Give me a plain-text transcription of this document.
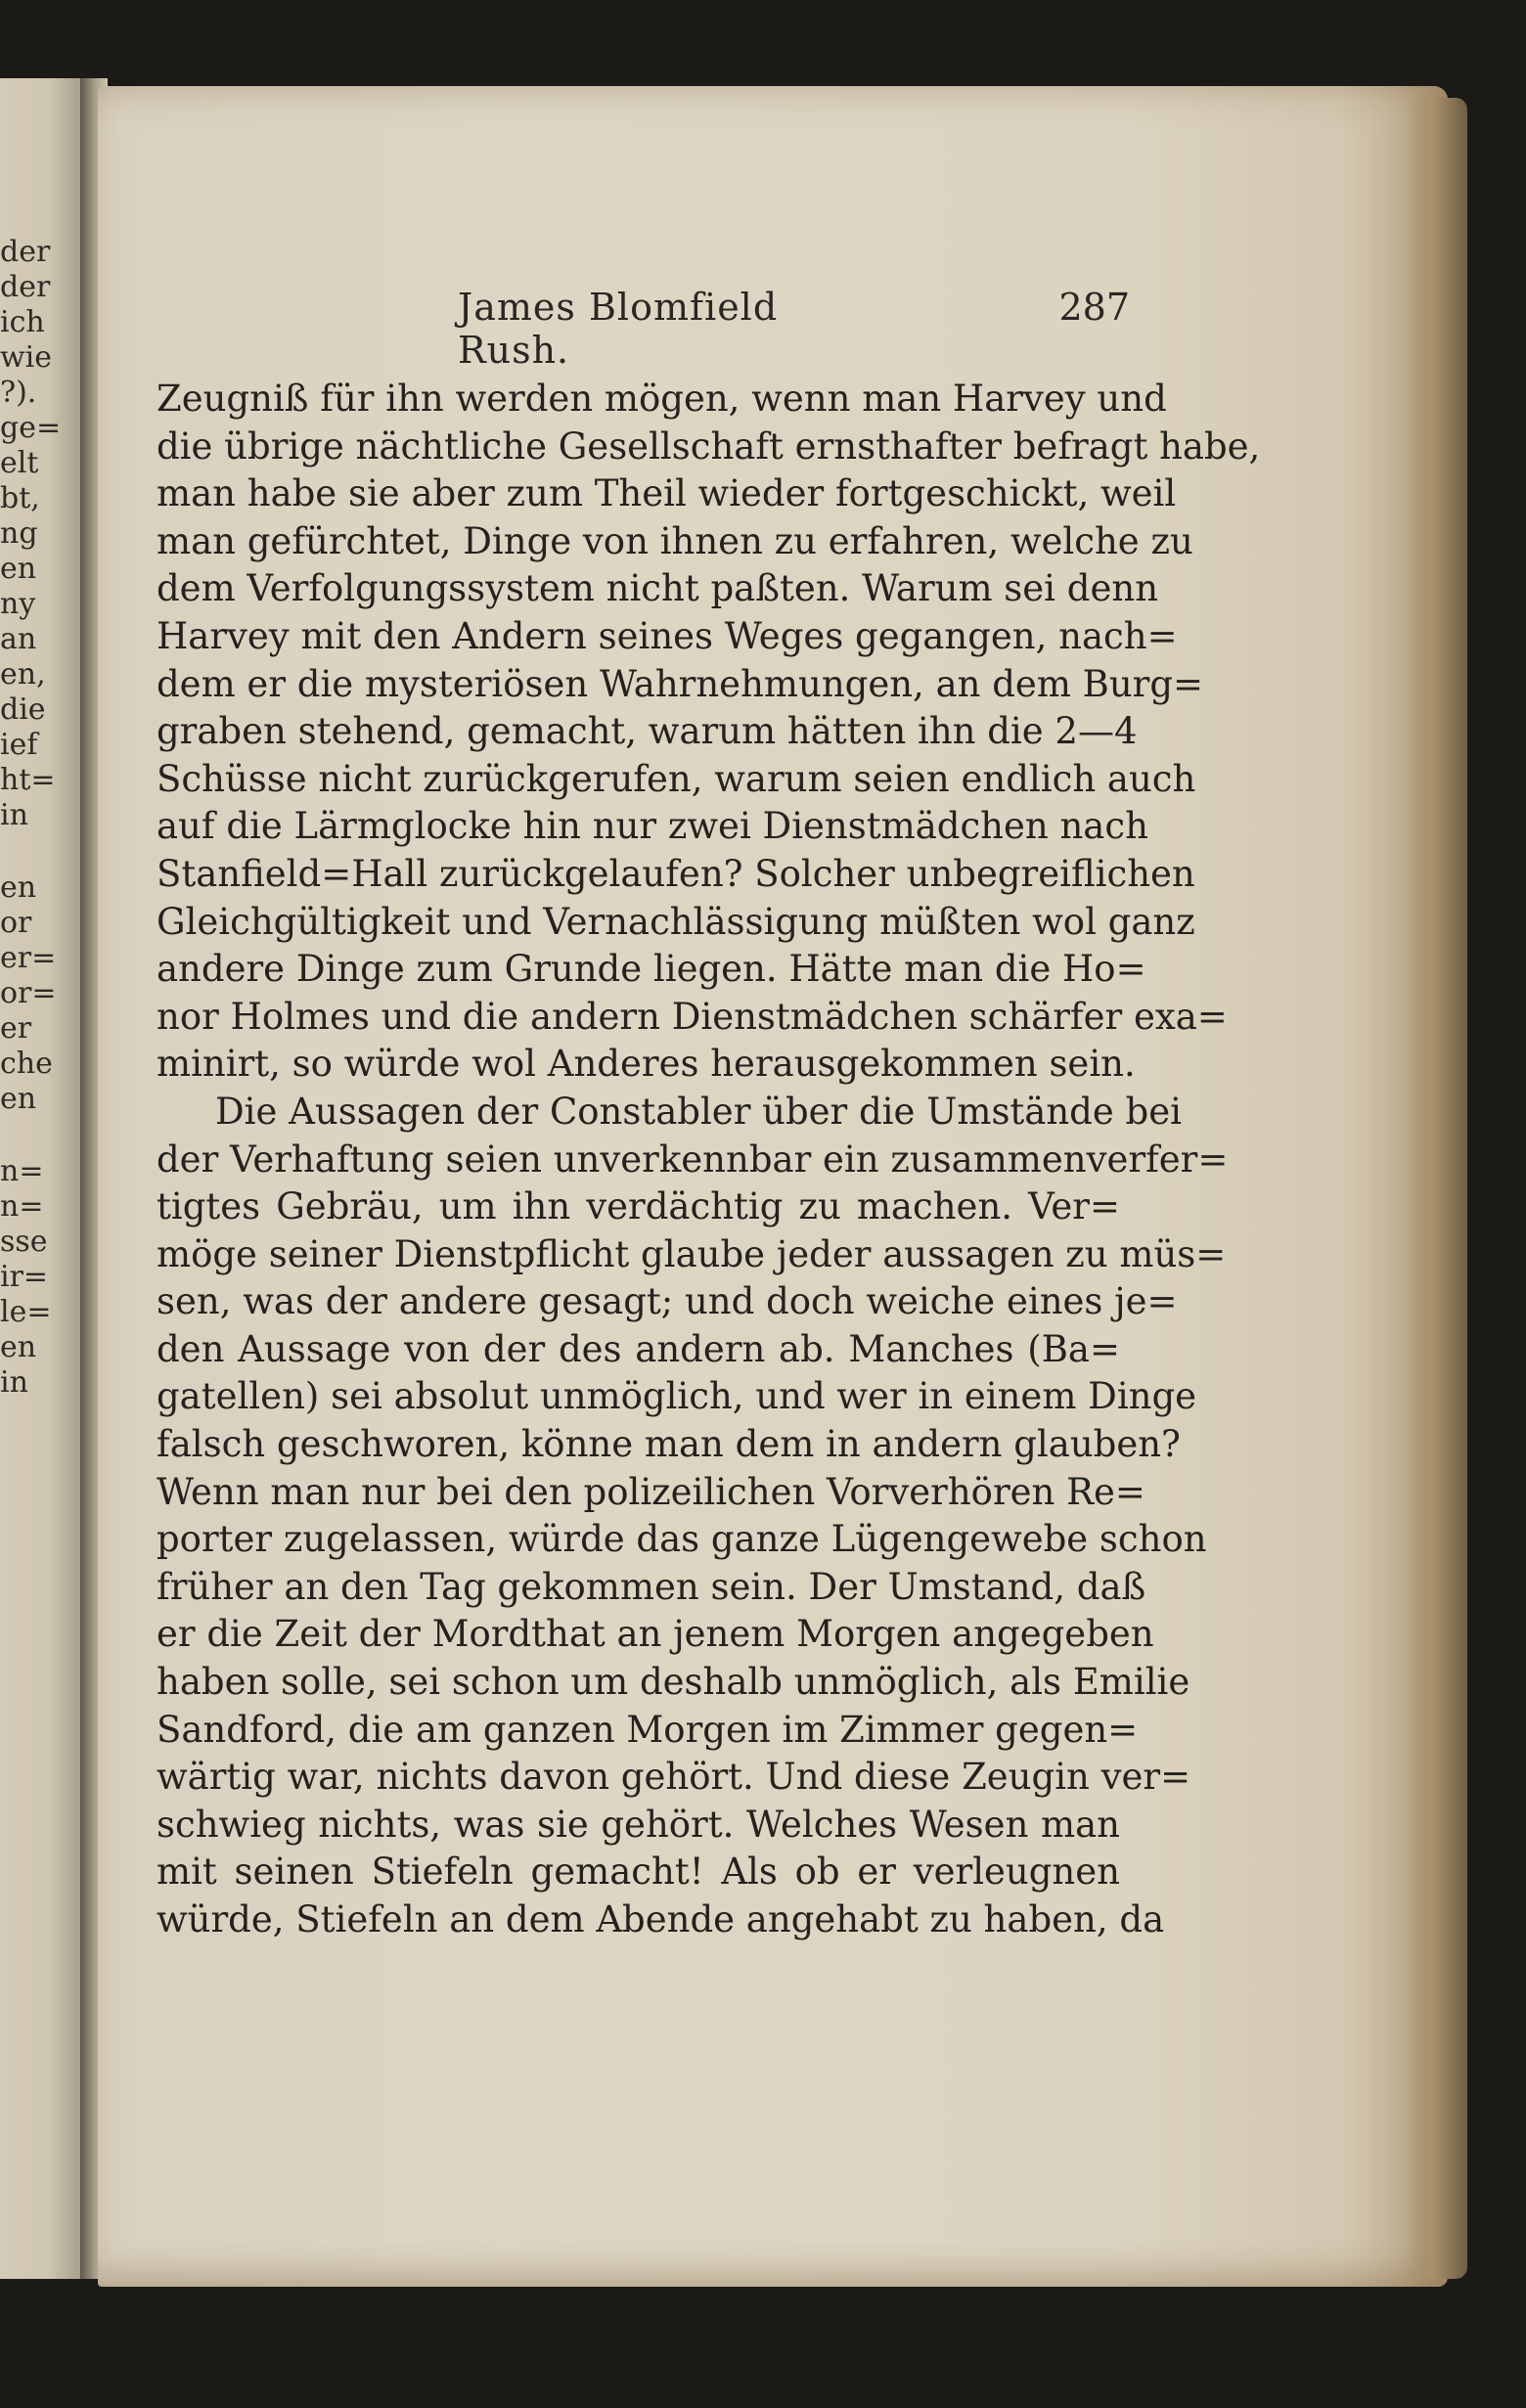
der
der
ich
wie
?).
ge=
elt
bt,
ng
en
ny
an
en,
die
ief
ht=
in
en
or
er=
or=
er
che
en
n=
n=
sse
ir=
le=
en
in
James Blomfield Rush.
287
Zeugniß für ihn werden mögen, wenn man Harvey und
die übrige nächtliche Gesellschaft ernsthafter befragt habe,
man habe sie aber zum Theil wieder fortgeschickt, weil
man gefürchtet, Dinge von ihnen zu erfahren, welche zu
dem Verfolgungssystem nicht paßten. Warum sei denn
Harvey mit den Andern seines Weges gegangen, nach=
dem er die mysteriösen Wahrnehmungen, an dem Burg=
graben stehend, gemacht, warum hätten ihn die 2—4
Schüsse nicht zurückgerufen, warum seien endlich auch
auf die Lärmglocke hin nur zwei Dienstmädchen nach
Stanfield=Hall zurückgelaufen? Solcher unbegreiflichen
Gleichgültigkeit und Vernachlässigung müßten wol ganz
andere Dinge zum Grunde liegen. Hätte man die Ho=
nor Holmes und die andern Dienstmädchen schärfer exa=
minirt, so würde wol Anderes herausgekommen sein.
Die Aussagen der Constabler über die Umstände bei
der Verhaftung seien unverkennbar ein zusammenverfer=
tigtes Gebräu, um ihn verdächtig zu machen. Ver=
möge seiner Dienstpflicht glaube jeder aussagen zu müs=
sen, was der andere gesagt; und doch weiche eines je=
den Aussage von der des andern ab. Manches (Ba=
gatellen) sei absolut unmöglich, und wer in einem Dinge
falsch geschworen, könne man dem in andern glauben?
Wenn man nur bei den polizeilichen Vorverhören Re=
porter zugelassen, würde das ganze Lügengewebe schon
früher an den Tag gekommen sein. Der Umstand, daß
er die Zeit der Mordthat an jenem Morgen angegeben
haben solle, sei schon um deshalb unmöglich, als Emilie
Sandford, die am ganzen Morgen im Zimmer gegen=
wärtig war, nichts davon gehört. Und diese Zeugin ver=
schwieg nichts, was sie gehört. Welches Wesen man
mit seinen Stiefeln gemacht! Als ob er verleugnen
würde, Stiefeln an dem Abende angehabt zu haben, da
